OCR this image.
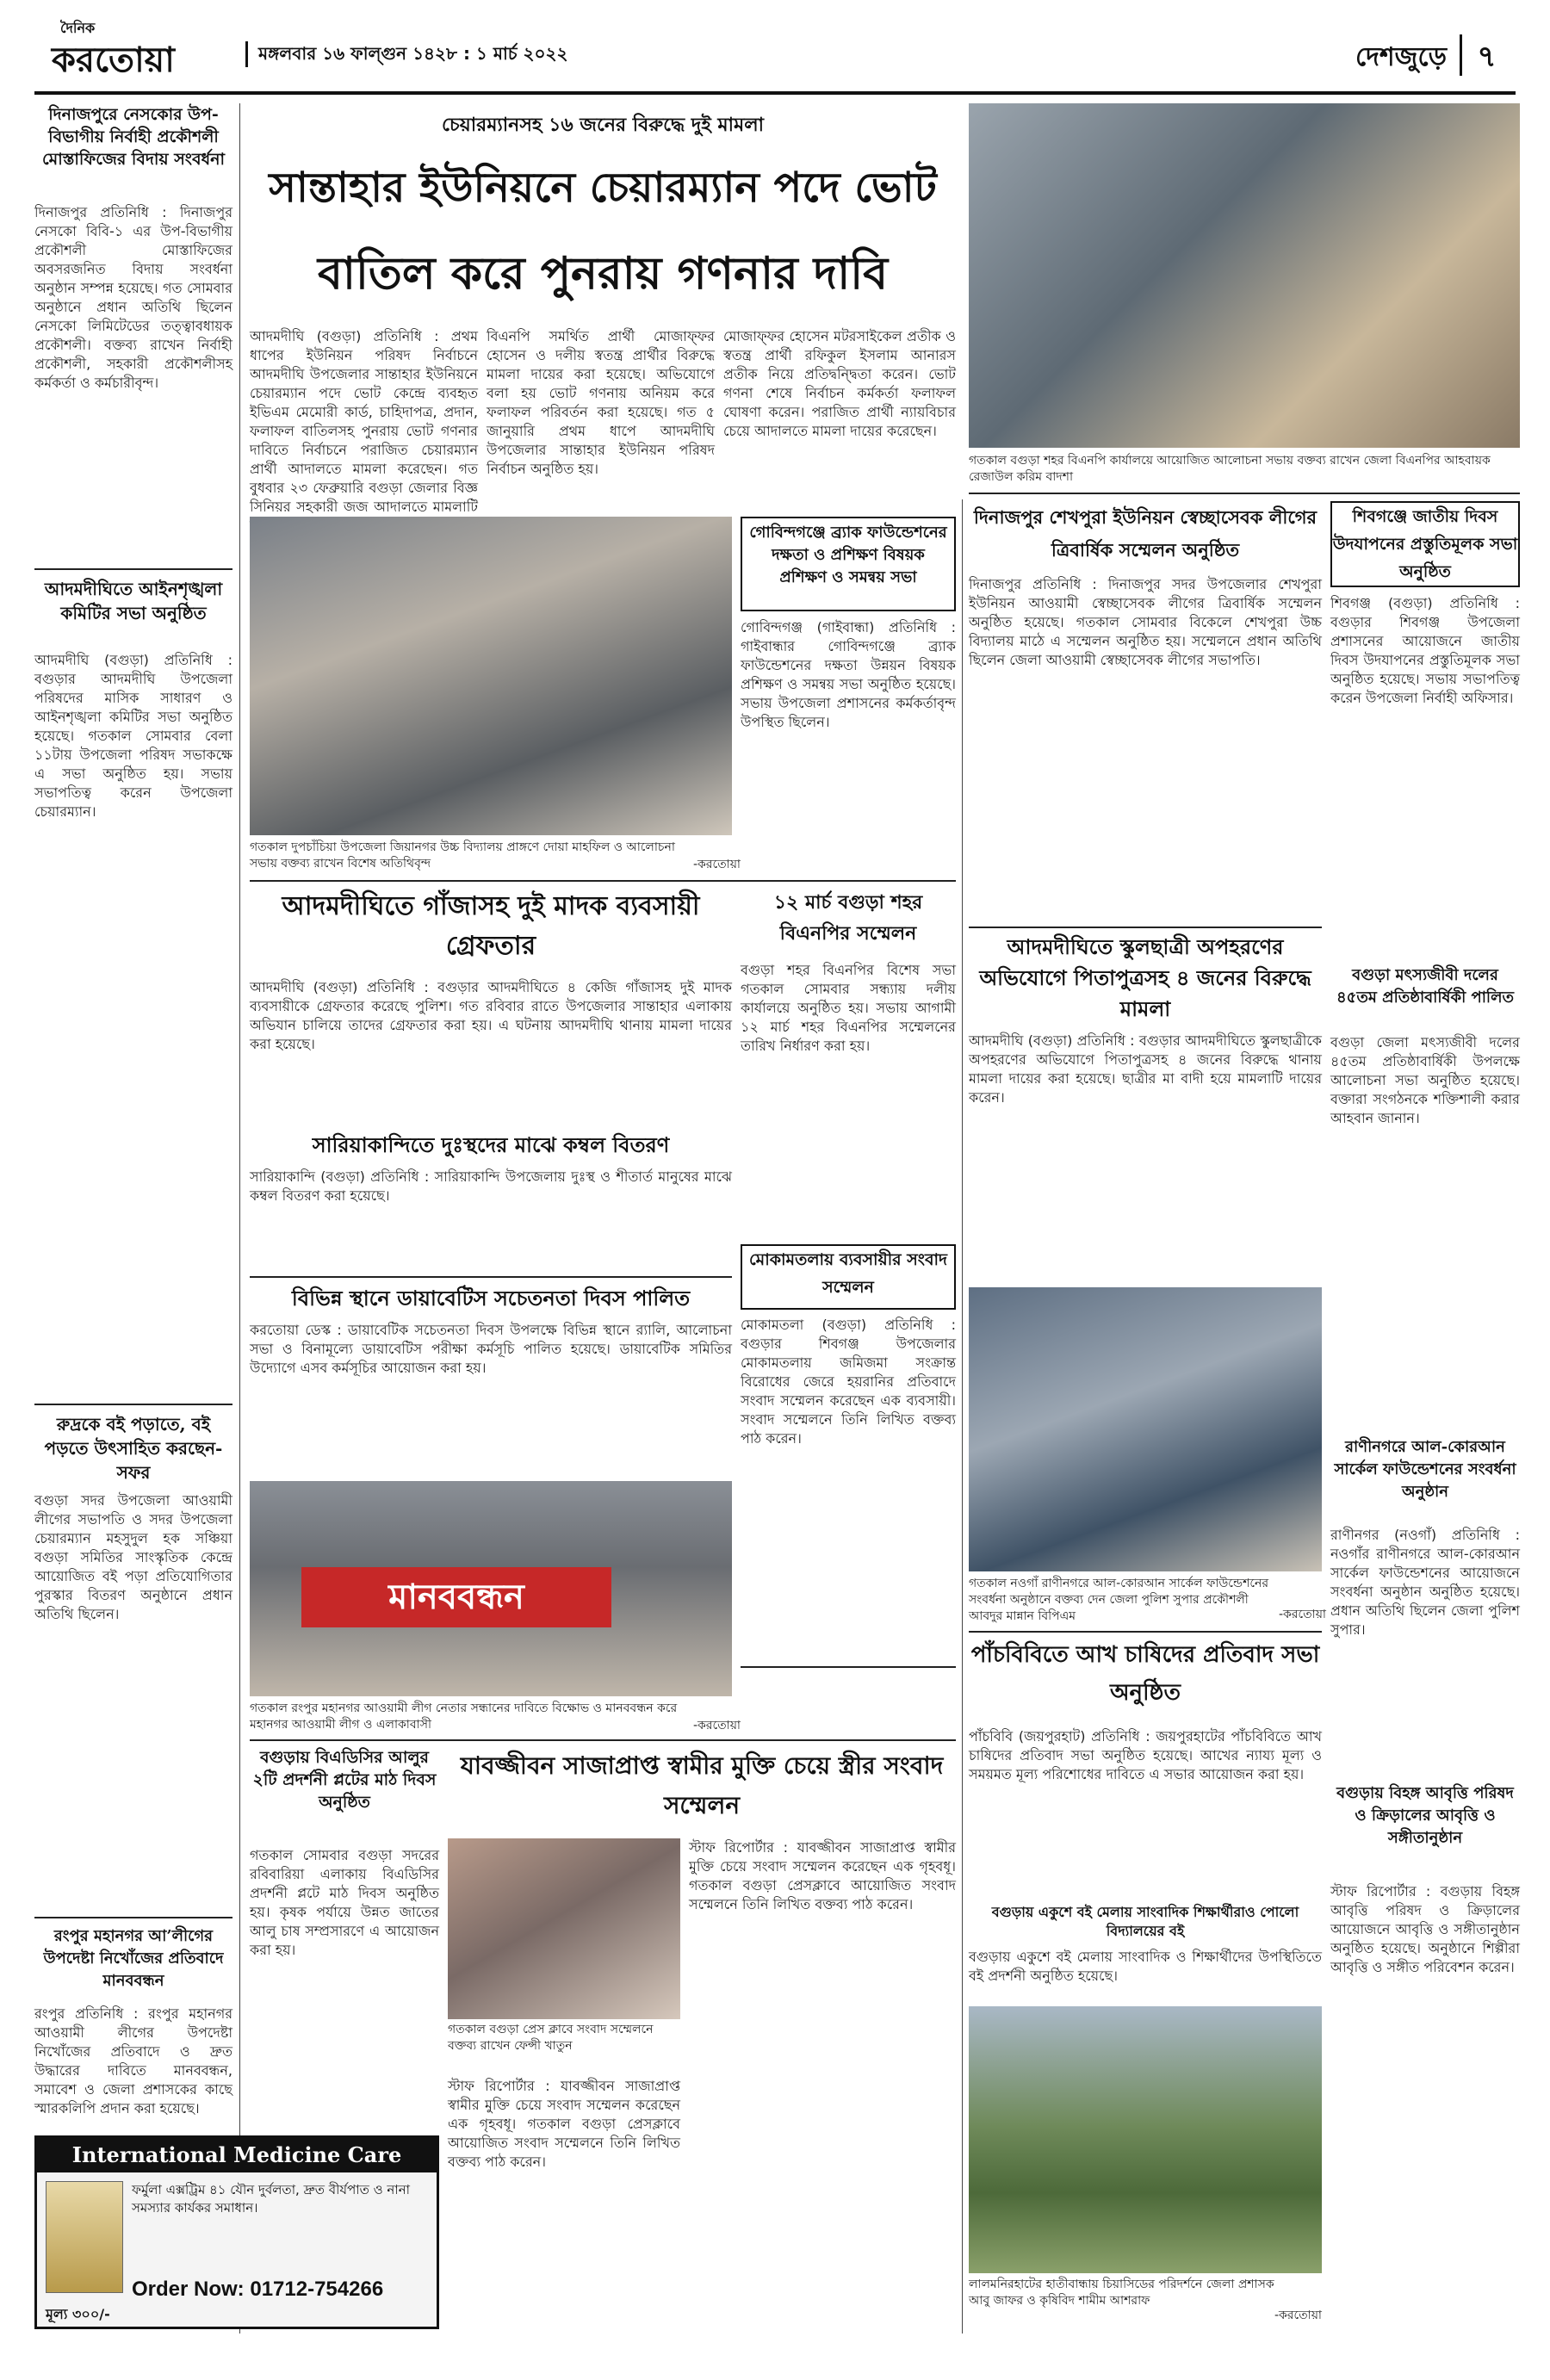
দৈনিক
করতোয়া	মঙ্গলবার ১৬ ফাল্গুন ১৪২৮ : ১ মার্চ ২০২২	দেশজুড়ে	৭
দিনাজপুরে নেসকোর উপ-বিভাগীয় নির্বাহী প্রকৌশলী মোস্তাফিজের বিদায় সংবর্ধনা
দিনাজপুর প্রতিনিধি : দিনাজপুর নেসকো বিবি-১ এর উপ-বিভাগীয় প্রকৌশলী মোস্তাফিজের অবসরজনিত বিদায় সংবর্ধনা অনুষ্ঠান সম্পন্ন হয়েছে। গত সোমবার অনুষ্ঠানে প্রধান অতিথি ছিলেন নেসকো লিমিটেডের তত্ত্বাবধায়ক প্রকৌশলী। বক্তব্য রাখেন নির্বাহী প্রকৌশলী, সহকারী প্রকৌশলীসহ কর্মকর্তা ও কর্মচারীবৃন্দ।
আদমদীঘিতে আইনশৃঙ্খলা কমিটির সভা অনুষ্ঠিত
আদমদীঘি (বগুড়া) প্রতিনিধি : বগুড়ার আদমদীঘি উপজেলা পরিষদের মাসিক সাধারণ ও আইনশৃঙ্খলা কমিটির সভা অনুষ্ঠিত হয়েছে। গতকাল সোমবার বেলা ১১টায় উপজেলা পরিষদ সভাকক্ষে এ সভা অনুষ্ঠিত হয়। সভায় সভাপতিত্ব করেন উপজেলা চেয়ারম্যান।
রুদ্রকে বই পড়াতে, বই পড়তে উৎসাহিত করছেন-সফর
বগুড়া সদর উপজেলা আওয়ামী লীগের সভাপতি ও সদর উপজেলা চেয়ারম্যান মহসুদুল হক সঞ্চিয়া বগুড়া সমিতির সাংস্কৃতিক কেন্দ্রে আয়োজিত বই পড়া প্রতিযোগিতার পুরস্কার বিতরণ অনুষ্ঠানে প্রধান অতিথি ছিলেন।
রংপুর মহানগর আ’লীগের উপদেষ্টা নিখোঁজের প্রতিবাদে মানববন্ধন
রংপুর প্রতিনিধি : রংপুর মহানগর আওয়ামী লীগের উপদেষ্টা নিখোঁজের প্রতিবাদে ও দ্রুত উদ্ধারের দাবিতে মানববন্ধন, সমাবেশ ও জেলা প্রশাসকের কাছে স্মারকলিপি প্রদান করা হয়েছে।
চেয়ারম্যানসহ ১৬ জনের বিরুদ্ধে দুই মামলা
সান্তাহার ইউনিয়নে চেয়ারম্যান পদে ভোট
বাতিল করে পুনরায় গণনার দাবি
গতকাল বগুড়া শহর বিএনপি কার্যালয়ে আয়োজিত আলোচনা সভায় বক্তব্য রাখেন জেলা বিএনপির আহবায়ক রেজাউল করিম বাদশা
আদমদীঘি (বগুড়া) প্রতিনিধি : প্রথম ধাপের ইউনিয়ন পরিষদ নির্বাচনে আদমদীঘি উপজেলার সান্তাহার ইউনিয়নে চেয়ারম্যান পদে ভোট কেন্দ্রে ব্যবহৃত ইভিএম মেমোরী কার্ড, চাহিদাপত্র, প্রদান, ফলাফল বাতিলসহ পুনরায় ভোট গণনার দাবিতে নির্বাচনে পরাজিত চেয়ারম্যান প্রার্থী আদালতে মামলা করেছেন। গত বুধবার ২৩ ফেব্রুয়ারি বগুড়া জেলার বিজ্ঞ সিনিয়র সহকারী জজ আদালতে মামলাটি
বিএনপি সমর্থিত প্রার্থী মোজাফ্ফর হোসেন ও দলীয় স্বতন্ত্র প্রার্থীর বিরুদ্ধে মামলা দায়ের করা হয়েছে। অভিযোগে বলা হয় ভোট গণনায় অনিয়ম করে ফলাফল পরিবর্তন করা হয়েছে। গত ৫ জানুয়ারি প্রথম ধাপে আদমদীঘি উপজেলার সান্তাহার ইউনিয়ন পরিষদ নির্বাচন অনুষ্ঠিত হয়।
মোজাফ্ফর হোসেন মটরসাইকেল প্রতীক ও স্বতন্ত্র প্রার্থী রফিকুল ইসলাম আনারস প্রতীক নিয়ে প্রতিদ্বন্দ্বিতা করেন। ভোট গণনা শেষে নির্বাচন কর্মকর্তা ফলাফল ঘোষণা করেন। পরাজিত প্রার্থী ন্যায়বিচার চেয়ে আদালতে মামলা দায়ের করেছেন।
গতকাল দুপচাঁচিয়া উপজেলা জিয়ানগর উচ্চ বিদ্যালয় প্রাঙ্গণে দোয়া মাহফিল ও আলোচনা সভায় বক্তব্য রাখেন বিশেষ অতিথিবৃন্দ	-করতোয়া
গোবিন্দগঞ্জে ব্র্যাক ফাউন্ডেশনের দক্ষতা ও প্রশিক্ষণ বিষয়ক প্রশিক্ষণ ও সমন্বয় সভা
গোবিন্দগঞ্জ (গাইবান্ধা) প্রতিনিধি : গাইবান্ধার গোবিন্দগঞ্জে ব্র্যাক ফাউন্ডেশনের দক্ষতা উন্নয়ন বিষয়ক প্রশিক্ষণ ও সমন্বয় সভা অনুষ্ঠিত হয়েছে। সভায় উপজেলা প্রশাসনের কর্মকর্তাবৃন্দ উপস্থিত ছিলেন।
আদমদীঘিতে গাঁজাসহ দুই মাদক ব্যবসায়ী গ্রেফতার
আদমদীঘি (বগুড়া) প্রতিনিধি : বগুড়ার আদমদীঘিতে ৪ কেজি গাঁজাসহ দুই মাদক ব্যবসায়ীকে গ্রেফতার করেছে পুলিশ। গত রবিবার রাতে উপজেলার সান্তাহার এলাকায় অভিযান চালিয়ে তাদের গ্রেফতার করা হয়। এ ঘটনায় আদমদীঘি থানায় মামলা দায়ের করা হয়েছে।
১২ মার্চ বগুড়া শহর বিএনপির সম্মেলন
বগুড়া শহর বিএনপির বিশেষ সভা গতকাল সোমবার সন্ধ্যায় দলীয় কার্যালয়ে অনুষ্ঠিত হয়। সভায় আগামী ১২ মার্চ শহর বিএনপির সম্মেলনের তারিখ নির্ধারণ করা হয়।
সারিয়াকান্দিতে দুঃস্থদের মাঝে কম্বল বিতরণ
সারিয়াকান্দি (বগুড়া) প্রতিনিধি : সারিয়াকান্দি উপজেলায় দুঃস্থ ও শীতার্ত মানুষের মাঝে কম্বল বিতরণ করা হয়েছে।
মোকামতলায় ব্যবসায়ীর সংবাদ সম্মেলন
মোকামতলা (বগুড়া) প্রতিনিধি : বগুড়ার শিবগঞ্জ উপজেলার মোকামতলায় জমিজমা সংক্রান্ত বিরোধের জেরে হয়রানির প্রতিবাদে সংবাদ সম্মেলন করেছেন এক ব্যবসায়ী। সংবাদ সম্মেলনে তিনি লিখিত বক্তব্য পাঠ করেন।
বিভিন্ন স্থানে ডায়াবেটিস সচেতনতা দিবস পালিত
করতোয়া ডেস্ক : ডায়াবেটিক সচেতনতা দিবস উপলক্ষে বিভিন্ন স্থানে র‌্যালি, আলোচনা সভা ও বিনামূল্যে ডায়াবেটিস পরীক্ষা কর্মসূচি পালিত হয়েছে। ডায়াবেটিক সমিতির উদ্যোগে এসব কর্মসূচির আয়োজন করা হয়।
মানববন্ধন
গতকাল রংপুর মহানগর আওয়ামী লীগ নেতার সন্ধানের দাবিতে বিক্ষোভ ও মানববন্ধন করে মহানগর আওয়ামী লীগ ও এলাকাবাসী	-করতোয়া
বগুড়ায় বিএডিসির আলুর ২টি প্রদর্শনী প্লটের মাঠ দিবস অনুষ্ঠিত
গতকাল সোমবার বগুড়া সদরের রবিবারিয়া এলাকায় বিএডিসির প্রদর্শনী প্লটে মাঠ দিবস অনুষ্ঠিত হয়। কৃষক পর্যায়ে উন্নত জাতের আলু চাষ সম্প্রসারণে এ আয়োজন করা হয়।
যাবজ্জীবন সাজাপ্রাপ্ত স্বামীর মুক্তি চেয়ে স্ত্রীর সংবাদ সম্মেলন
গতকাল বগুড়া প্রেস ক্লাবে সংবাদ সম্মেলনে বক্তব্য রাখেন ফেন্সী খাতুন
স্টাফ রিপোর্টার : যাবজ্জীবন সাজাপ্রাপ্ত স্বামীর মুক্তি চেয়ে সংবাদ সম্মেলন করেছেন এক গৃহবধূ। গতকাল বগুড়া প্রেসক্লাবে আয়োজিত সংবাদ সম্মেলনে তিনি লিখিত বক্তব্য পাঠ করেন।
স্টাফ রিপোর্টার : যাবজ্জীবন সাজাপ্রাপ্ত স্বামীর মুক্তি চেয়ে সংবাদ সম্মেলন করেছেন এক গৃহবধূ। গতকাল বগুড়া প্রেসক্লাবে আয়োজিত সংবাদ সম্মেলনে তিনি লিখিত বক্তব্য পাঠ করেন।
দিনাজপুর শেখপুরা ইউনিয়ন স্বেচ্ছাসেবক লীগের ত্রিবার্ষিক সম্মেলন অনুষ্ঠিত
দিনাজপুর প্রতিনিধি : দিনাজপুর সদর উপজেলার শেখপুরা ইউনিয়ন আওয়ামী স্বেচ্ছাসেবক লীগের ত্রিবার্ষিক সম্মেলন অনুষ্ঠিত হয়েছে। গতকাল সোমবার বিকেলে শেখপুরা উচ্চ বিদ্যালয় মাঠে এ সম্মেলন অনুষ্ঠিত হয়। সম্মেলনে প্রধান অতিথি ছিলেন জেলা আওয়ামী স্বেচ্ছাসেবক লীগের সভাপতি।
শিবগঞ্জে জাতীয় দিবস উদযাপনের প্রস্তুতিমূলক সভা অনুষ্ঠিত
শিবগঞ্জ (বগুড়া) প্রতিনিধি : বগুড়ার শিবগঞ্জ উপজেলা প্রশাসনের আয়োজনে জাতীয় দিবস উদযাপনের প্রস্তুতিমূলক সভা অনুষ্ঠিত হয়েছে। সভায় সভাপতিত্ব করেন উপজেলা নির্বাহী অফিসার।
আদমদীঘিতে স্কুলছাত্রী অপহরণের অভিযোগে পিতাপুত্রসহ ৪ জনের বিরুদ্ধে মামলা
আদমদীঘি (বগুড়া) প্রতিনিধি : বগুড়ার আদমদীঘিতে স্কুলছাত্রীকে অপহরণের অভিযোগে পিতাপুত্রসহ ৪ জনের বিরুদ্ধে থানায় মামলা দায়ের করা হয়েছে। ছাত্রীর মা বাদী হয়ে মামলাটি দায়ের করেন।
বগুড়া মৎস্যজীবী দলের ৪৫তম প্রতিষ্ঠাবার্ষিকী পালিত
বগুড়া জেলা মৎস্যজীবী দলের ৪৫তম প্রতিষ্ঠাবার্ষিকী উপলক্ষে আলোচনা সভা অনুষ্ঠিত হয়েছে। বক্তারা সংগঠনকে শক্তিশালী করার আহবান জানান।
গতকাল নওগাঁ রাণীনগরে আল-কোরআন সার্কেল ফাউন্ডেশনের সংবর্ধনা অনুষ্ঠানে বক্তব্য দেন জেলা পুলিশ সুপার প্রকৌশলী আবদুর মান্নান বিপিএম	-করতোয়া
রাণীনগরে আল-কোরআন সার্কেল ফাউন্ডেশনের সংবর্ধনা অনুষ্ঠান
রাণীনগর (নওগাঁ) প্রতিনিধি : নওগাঁর রাণীনগরে আল-কোরআন সার্কেল ফাউন্ডেশনের আয়োজনে সংবর্ধনা অনুষ্ঠান অনুষ্ঠিত হয়েছে। প্রধান অতিথি ছিলেন জেলা পুলিশ সুপার।
পাঁচবিবিতে আখ চাষিদের প্রতিবাদ সভা অনুষ্ঠিত
পাঁচবিবি (জয়পুরহাট) প্রতিনিধি : জয়পুরহাটের পাঁচবিবিতে আখ চাষিদের প্রতিবাদ সভা অনুষ্ঠিত হয়েছে। আখের ন্যায্য মূল্য ও সময়মত মূল্য পরিশোধের দাবিতে এ সভার আয়োজন করা হয়।
বগুড়ায় বিহঙ্গ আবৃত্তি পরিষদ ও ক্রিড়ালের আবৃত্তি ও সঙ্গীতানুষ্ঠান
স্টাফ রিপোর্টার : বগুড়ায় বিহঙ্গ আবৃত্তি পরিষদ ও ক্রিড়ালের আয়োজনে আবৃত্তি ও সঙ্গীতানুষ্ঠান অনুষ্ঠিত হয়েছে। অনুষ্ঠানে শিল্পীরা আবৃত্তি ও সঙ্গীত পরিবেশন করেন।
বগুড়ায় একুশে বই মেলায় সাংবাদিক শিক্ষার্থীরাও পোলো বিদ্যালয়ের বই
বগুড়ায় একুশে বই মেলায় সাংবাদিক ও শিক্ষার্থীদের উপস্থিতিতে বই প্রদর্শনী অনুষ্ঠিত হয়েছে।
লালমনিরহাটের হাতীবান্ধায় চিয়াসিডের পরিদর্শনে জেলা প্রশাসক আবু জাফর ও কৃষিবিদ শামীম আশরাফ
-করতোয়া
International Medicine Care
ফর্মুলা এক্সট্রিম ৪১ যৌন দুর্বলতা, দ্রুত বীর্যপাত ও নানা সমস্যার কার্যকর সমাধান।
Order Now: 01712-754266
মূল্য ৩০০/-
